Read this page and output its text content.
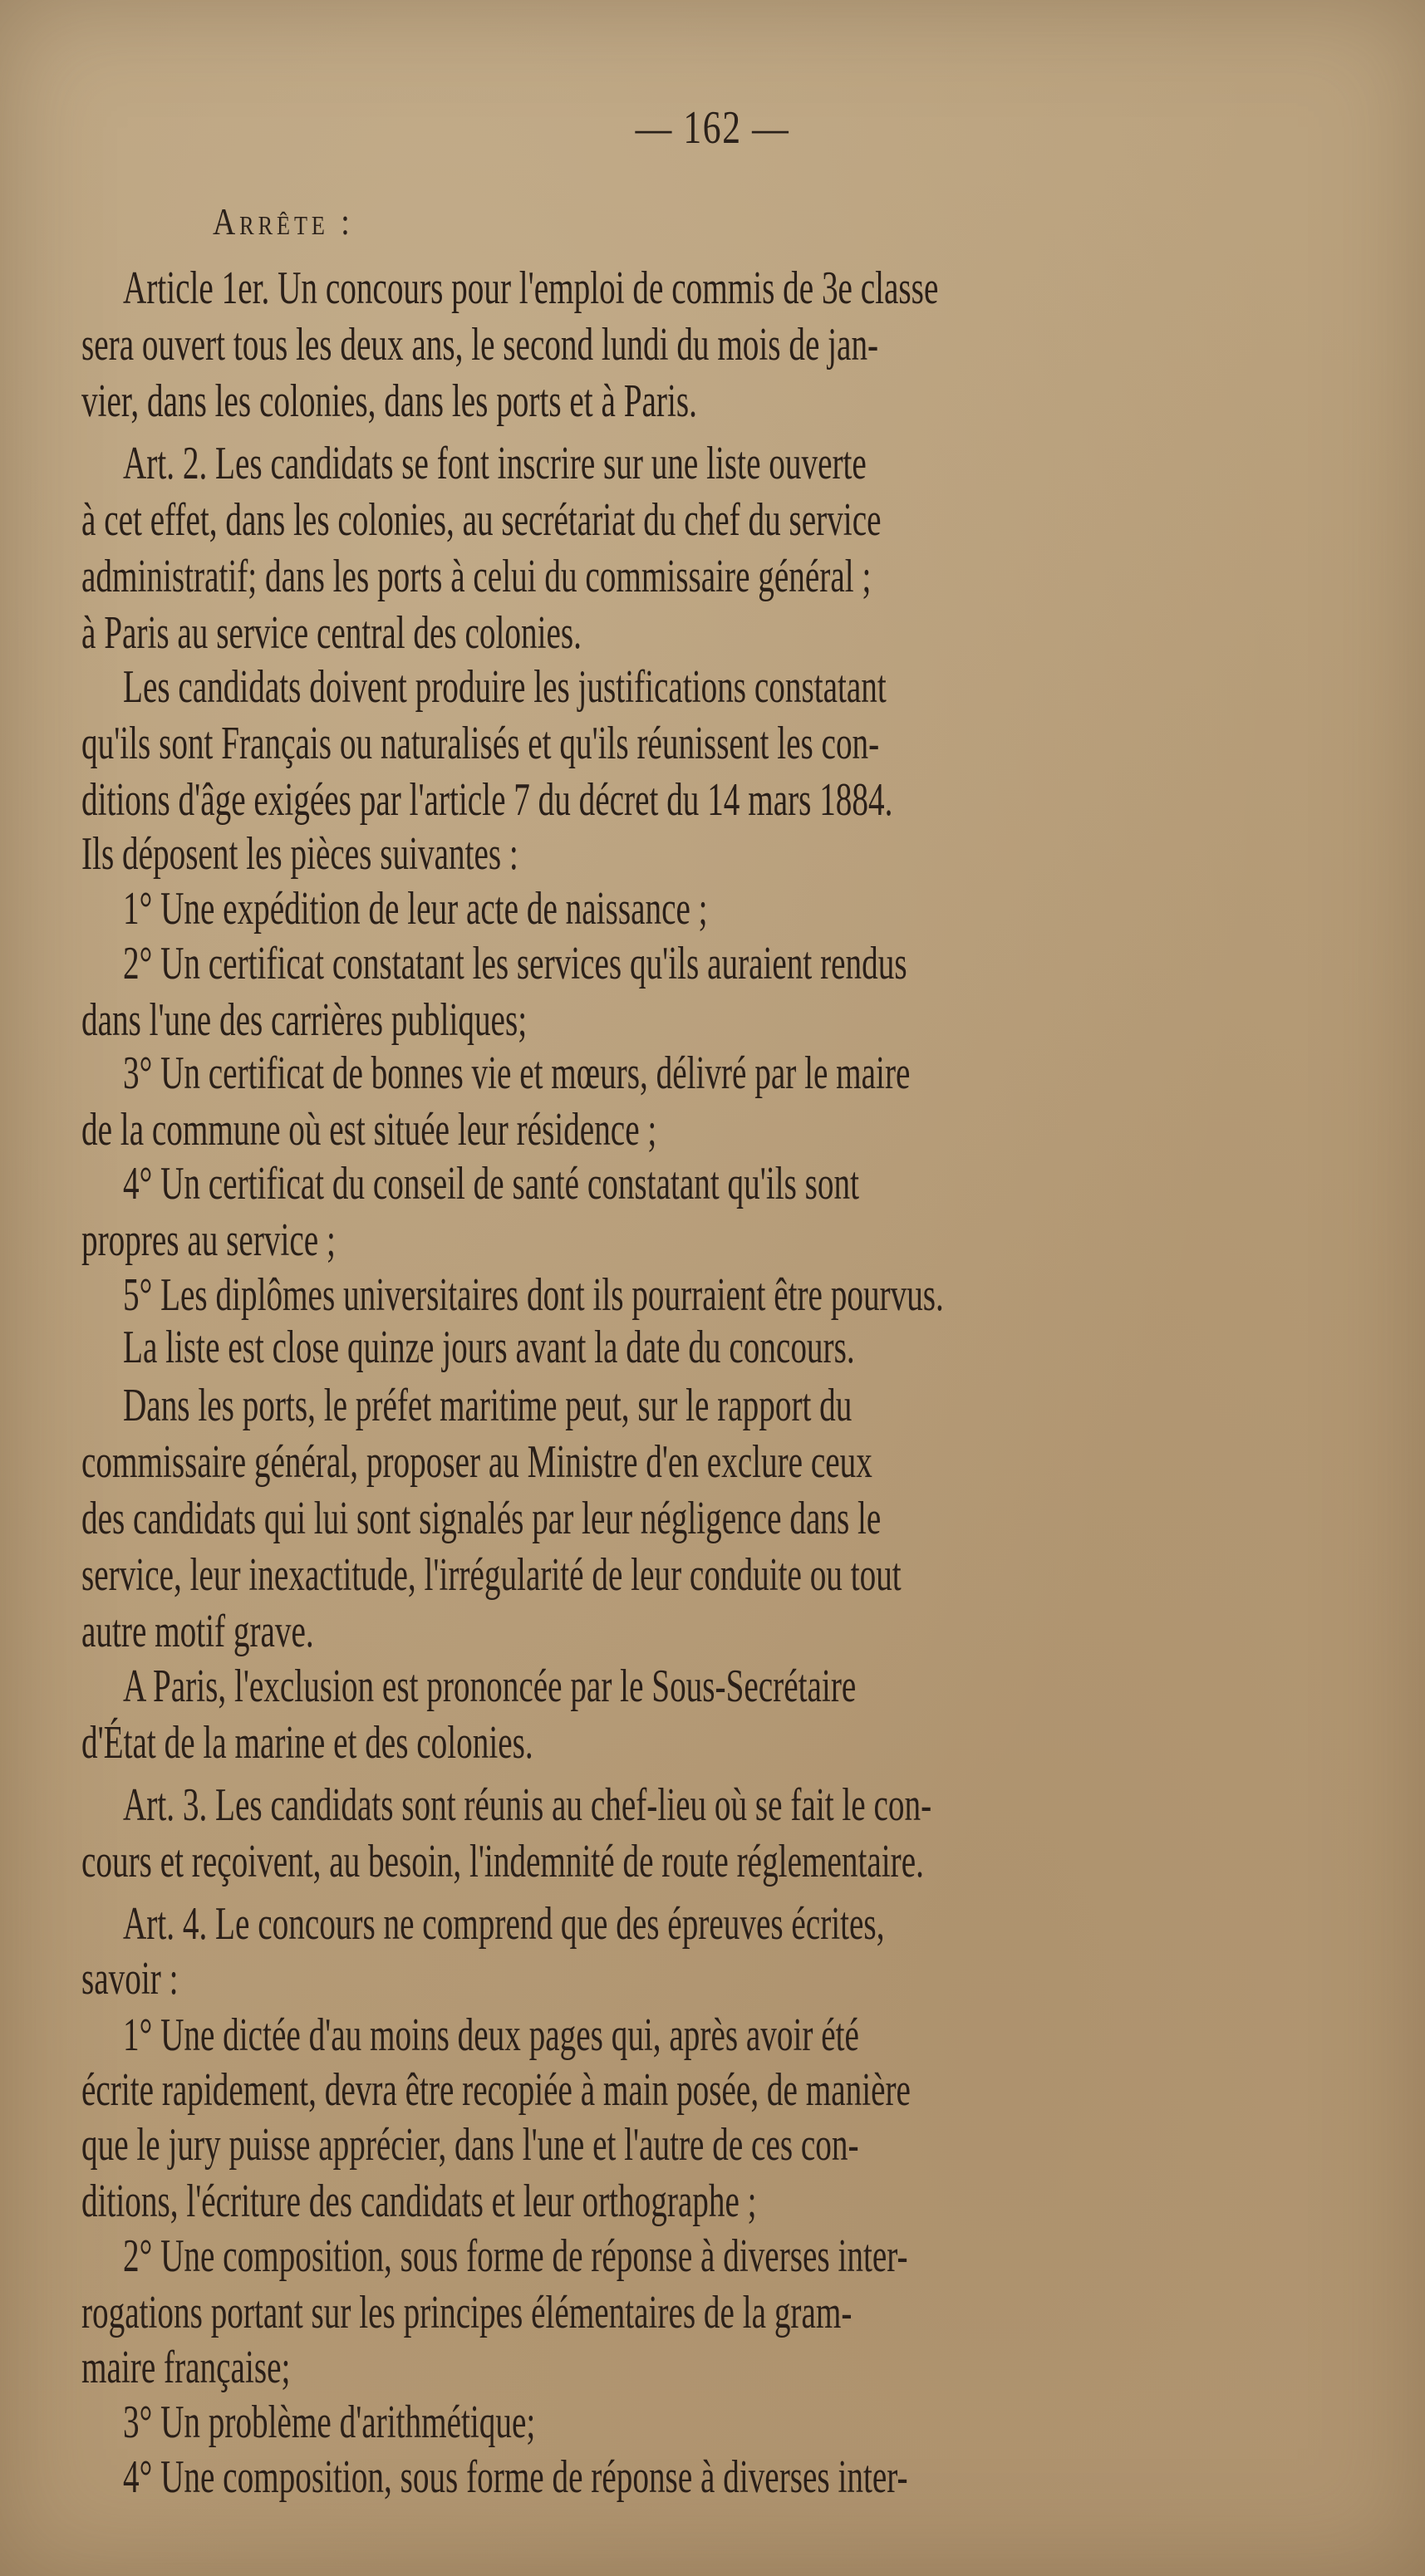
— 162 —
Arrête :
Article 1er. Un concours pour l'emploi de commis de 3e classe
sera ouvert tous les deux ans, le second lundi du mois de jan-
vier, dans les colonies, dans les ports et à Paris.
Art. 2. Les candidats se font inscrire sur une liste ouverte
à cet effet, dans les colonies, au secrétariat du chef du service
administratif; dans les ports à celui du commissaire général ;
à Paris au service central des colonies.
Les candidats doivent produire les justifications constatant
qu'ils sont Français ou naturalisés et qu'ils réunissent les con-
ditions d'âge exigées par l'article 7 du décret du 14 mars 1884.
Ils déposent les pièces suivantes :
1° Une expédition de leur acte de naissance ;
2° Un certificat constatant les services qu'ils auraient rendus
dans l'une des carrières publiques;
3° Un certificat de bonnes vie et mœurs, délivré par le maire
de la commune où est située leur résidence ;
4° Un certificat du conseil de santé constatant qu'ils sont
propres au service ;
5° Les diplômes universitaires dont ils pourraient être pourvus.
La liste est close quinze jours avant la date du concours.
Dans les ports, le préfet maritime peut, sur le rapport du
commissaire général, proposer au Ministre d'en exclure ceux
des candidats qui lui sont signalés par leur négligence dans le
service, leur inexactitude, l'irrégularité de leur conduite ou tout
autre motif grave.
A Paris, l'exclusion est prononcée par le Sous-Secrétaire
d'État de la marine et des colonies.
Art. 3. Les candidats sont réunis au chef-lieu où se fait le con-
cours et reçoivent, au besoin, l'indemnité de route réglementaire.
Art. 4. Le concours ne comprend que des épreuves écrites,
savoir :
1° Une dictée d'au moins deux pages qui, après avoir été
écrite rapidement, devra être recopiée à main posée, de manière
que le jury puisse apprécier, dans l'une et l'autre de ces con-
ditions, l'écriture des candidats et leur orthographe ;
2° Une composition, sous forme de réponse à diverses inter-
rogations portant sur les principes élémentaires de la gram-
maire française;
3° Un problème d'arithmétique;
4° Une composition, sous forme de réponse à diverses inter-
